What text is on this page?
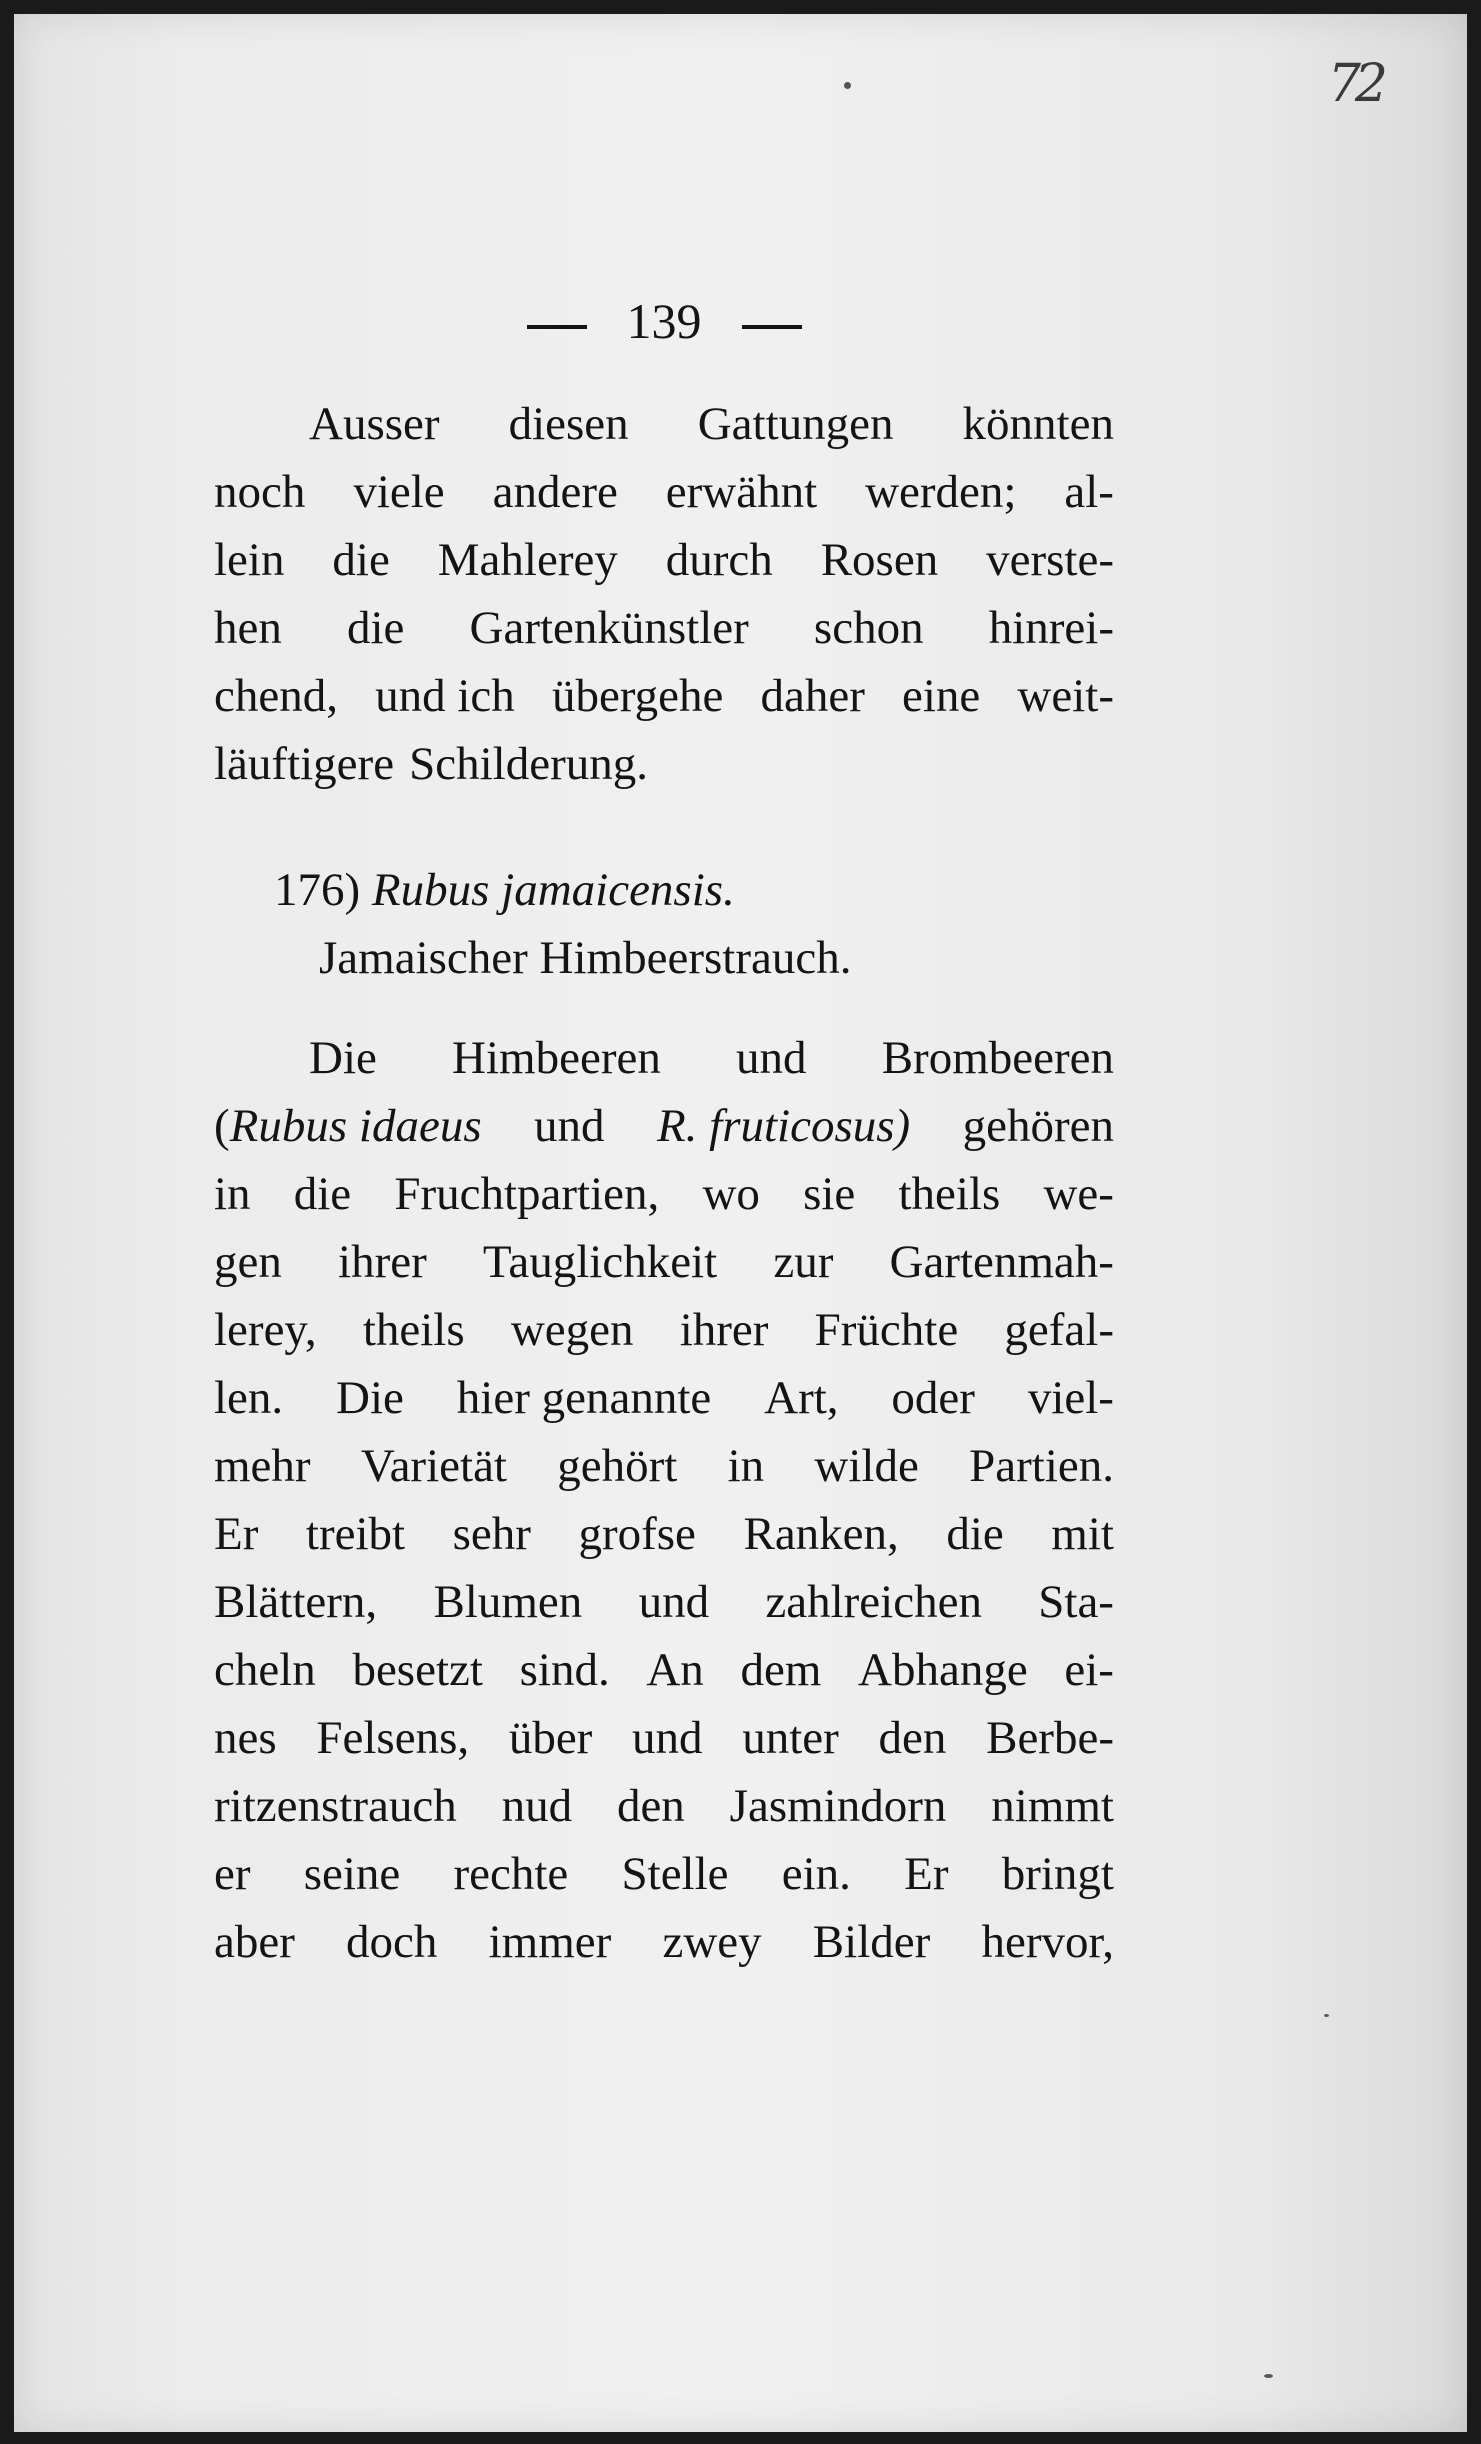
72
139
Ausser diesen Gattungen könnten
noch viele andere erwähnt werden; al-
lein die Mahlerey durch Rosen verste-
hen die Gartenkünstler schon hinrei-
chend, und ich übergehe daher eine weit-
läuftigere Schilderung.
176) Rubus jamaicensis.
Jamaischer Himbeerstrauch.
Die Himbeeren und Brombeeren
(Rubus idaeus und R. fruticosus) gehören
in die Fruchtpartien, wo sie theils we-
gen ihrer Tauglichkeit zur Gartenmah-
lerey, theils wegen ihrer Früchte gefal-
len. Die hier genannte Art, oder viel-
mehr Varietät gehört in wilde Partien.
Er treibt sehr grofse Ranken, die mit
Blättern, Blumen und zahlreichen Sta-
cheln besetzt sind. An dem Abhange ei-
nes Felsens, über und unter den Berbe-
ritzenstrauch nud den Jasmindorn nimmt
er seine rechte Stelle ein. Er bringt
aber doch immer zwey Bilder hervor,
